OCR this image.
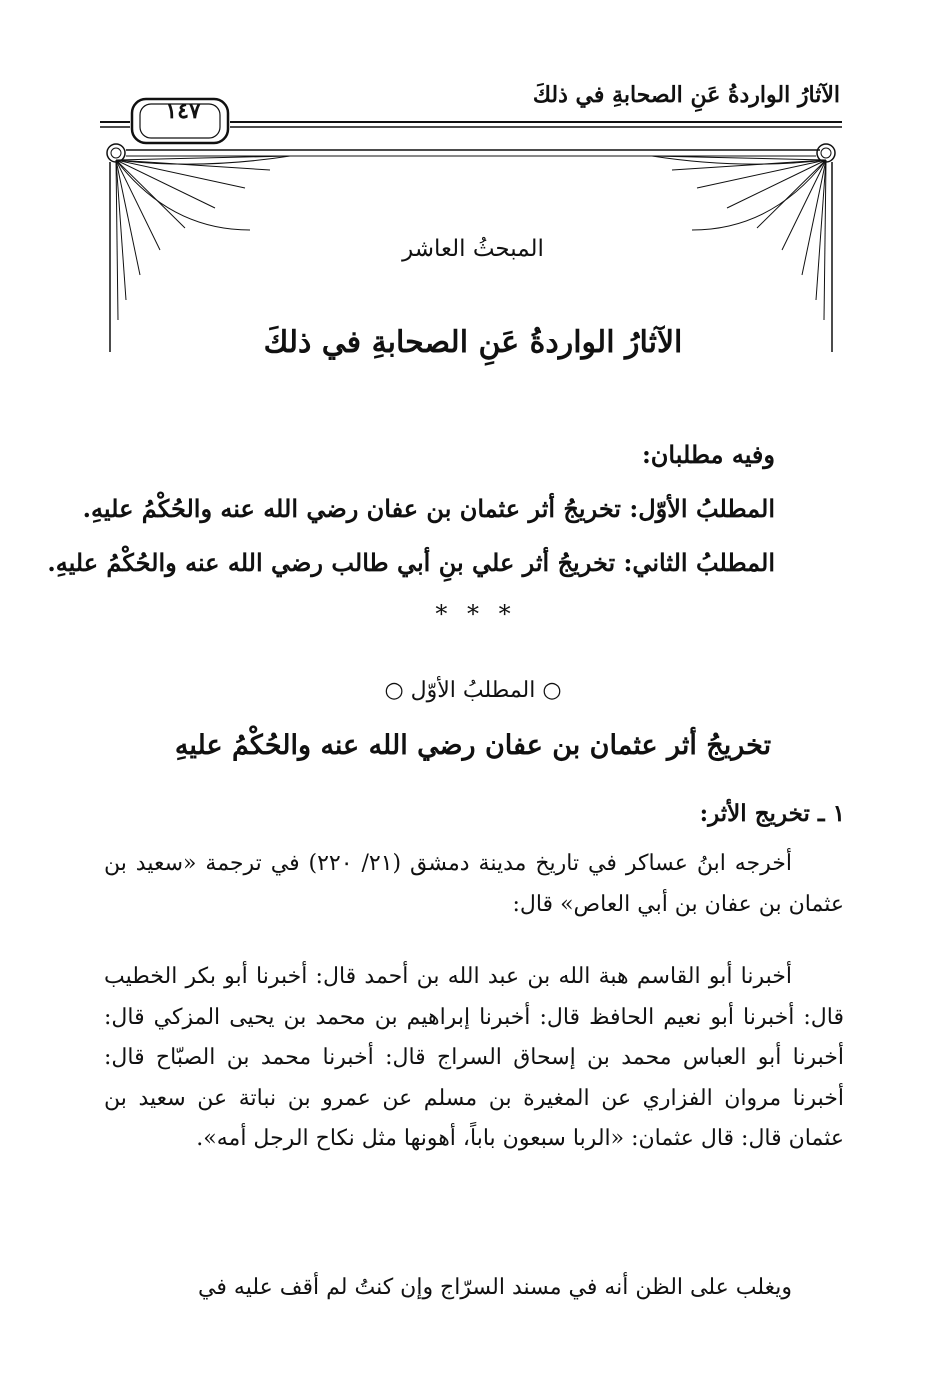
الآثارُ الواردةُ عَنِ الصحابةِ في ذلكَ
١٤٧
المبحثُ العاشر
الآثارُ الواردةُ عَنِ الصحابةِ في ذلكَ
وفيه مطلبان:
المطلبُ الأوّل: تخريجُ أثر عثمان بن عفان رضي الله عنه والحُكْمُ عليهِ.
المطلبُ الثاني: تخريجُ أثر علي بنِ أبي طالب رضي الله عنه والحُكْمُ عليهِ.
* * *
○ المطلبُ الأوّل ○
تخريجُ أثر عثمان بن عفان رضي الله عنه والحُكْمُ عليهِ
١ ـ تخريج الأثر:
أخرجه ابنُ عساكر في تاريخ مدينة دمشق (٢١/ ٢٢٠) في ترجمة «سعيد بن عثمان بن عفان بن أبي العاص» قال:
أخبرنا أبو القاسم هبة الله بن عبد الله بن أحمد قال: أخبرنا أبو بكر الخطيب قال: أخبرنا أبو نعيم الحافظ قال: أخبرنا إبراهيم بن محمد بن يحيى المزكي قال: أخبرنا أبو العباس محمد بن إسحاق السراج قال: أخبرنا محمد بن الصبّاح قال: أخبرنا مروان الفزاري عن المغيرة بن مسلم عن عمرو بن نباتة عن سعيد بن عثمان قال: قال عثمان: «الربا سبعون باباً، أهونها مثل نكاح الرجل أمه».
ويغلب على الظن أنه في مسند السرّاج وإن كنتُ لم أقف عليه في
